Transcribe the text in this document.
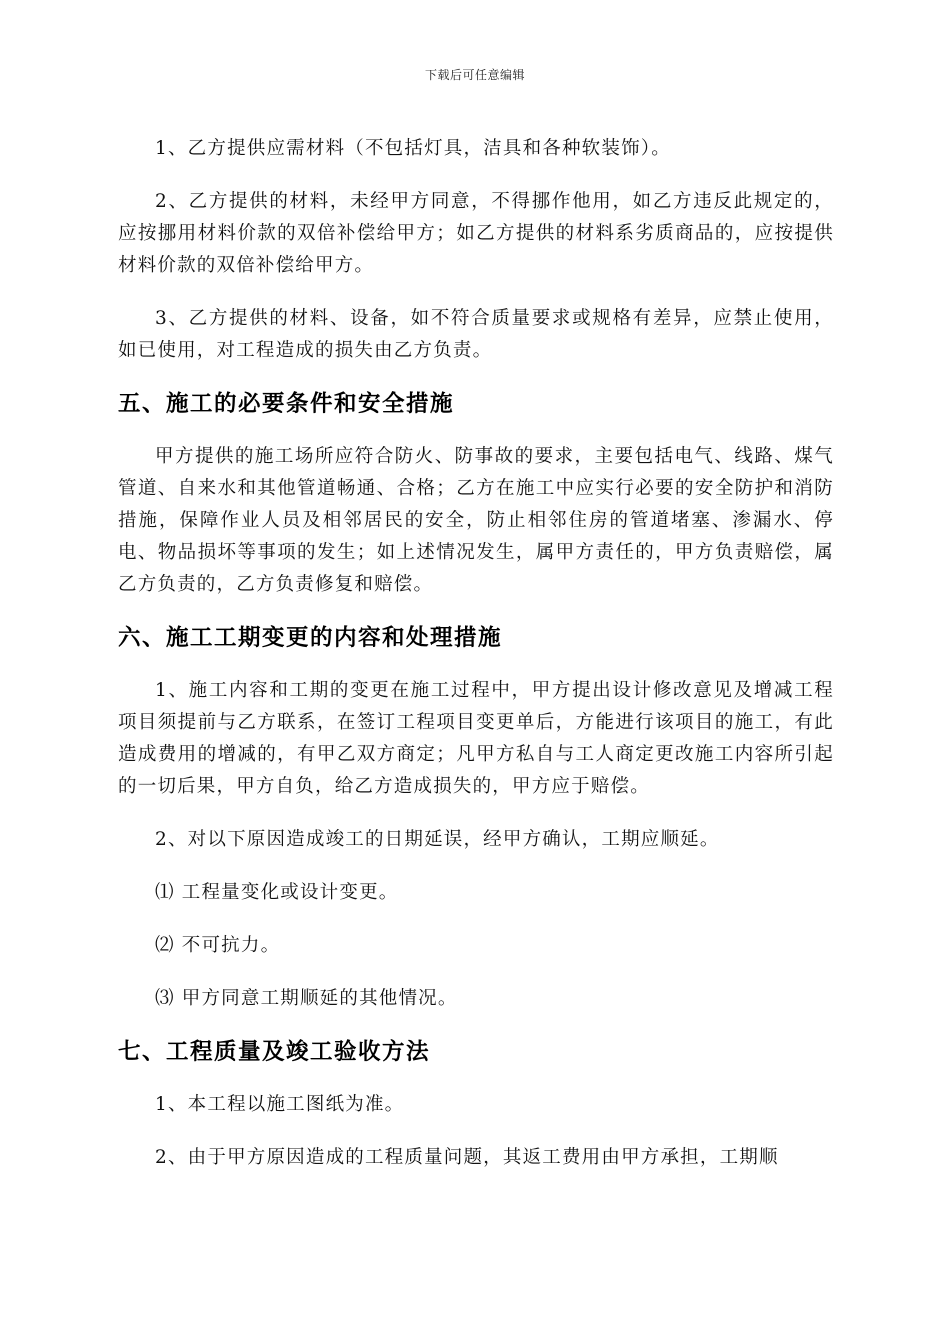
下载后可任意编辑

1、乙方提供应需材料（不包括灯具，洁具和各种软装饰）。

2、乙方提供的材料，未经甲方同意，不得挪作他用，如乙方违反此规定的，应按挪用材料价款的双倍补偿给甲方；如乙方提供的材料系劣质商品的，应按提供材料价款的双倍补偿给甲方。

3、乙方提供的材料、设备，如不符合质量要求或规格有差异，应禁止使用，如已使用，对工程造成的损失由乙方负责。

五、施工的必要条件和安全措施

甲方提供的施工场所应符合防火、防事故的要求，主要包括电气、线路、煤气管道、自来水和其他管道畅通、合格；乙方在施工中应实行必要的安全防护和消防措施，保障作业人员及相邻居民的安全，防止相邻住房的管道堵塞、渗漏水、停电、物品损坏等事项的发生；如上述情况发生，属甲方责任的，甲方负责赔偿，属乙方负责的，乙方负责修复和赔偿。

六、施工工期变更的内容和处理措施

1、施工内容和工期的变更在施工过程中，甲方提出设计修改意见及增减工程项目须提前与乙方联系，在签订工程项目变更单后，方能进行该项目的施工，有此造成费用的增减的，有甲乙双方商定；凡甲方私自与工人商定更改施工内容所引起的一切后果，甲方自负，给乙方造成损失的，甲方应于赔偿。

2、对以下原因造成竣工的日期延误，经甲方确认，工期应顺延。

⑴ 工程量变化或设计变更。

⑵ 不可抗力。

⑶ 甲方同意工期顺延的其他情况。

七、工程质量及竣工验收方法

1、本工程以施工图纸为准。

2、由于甲方原因造成的工程质量问题，其返工费用由甲方承担，工期顺
